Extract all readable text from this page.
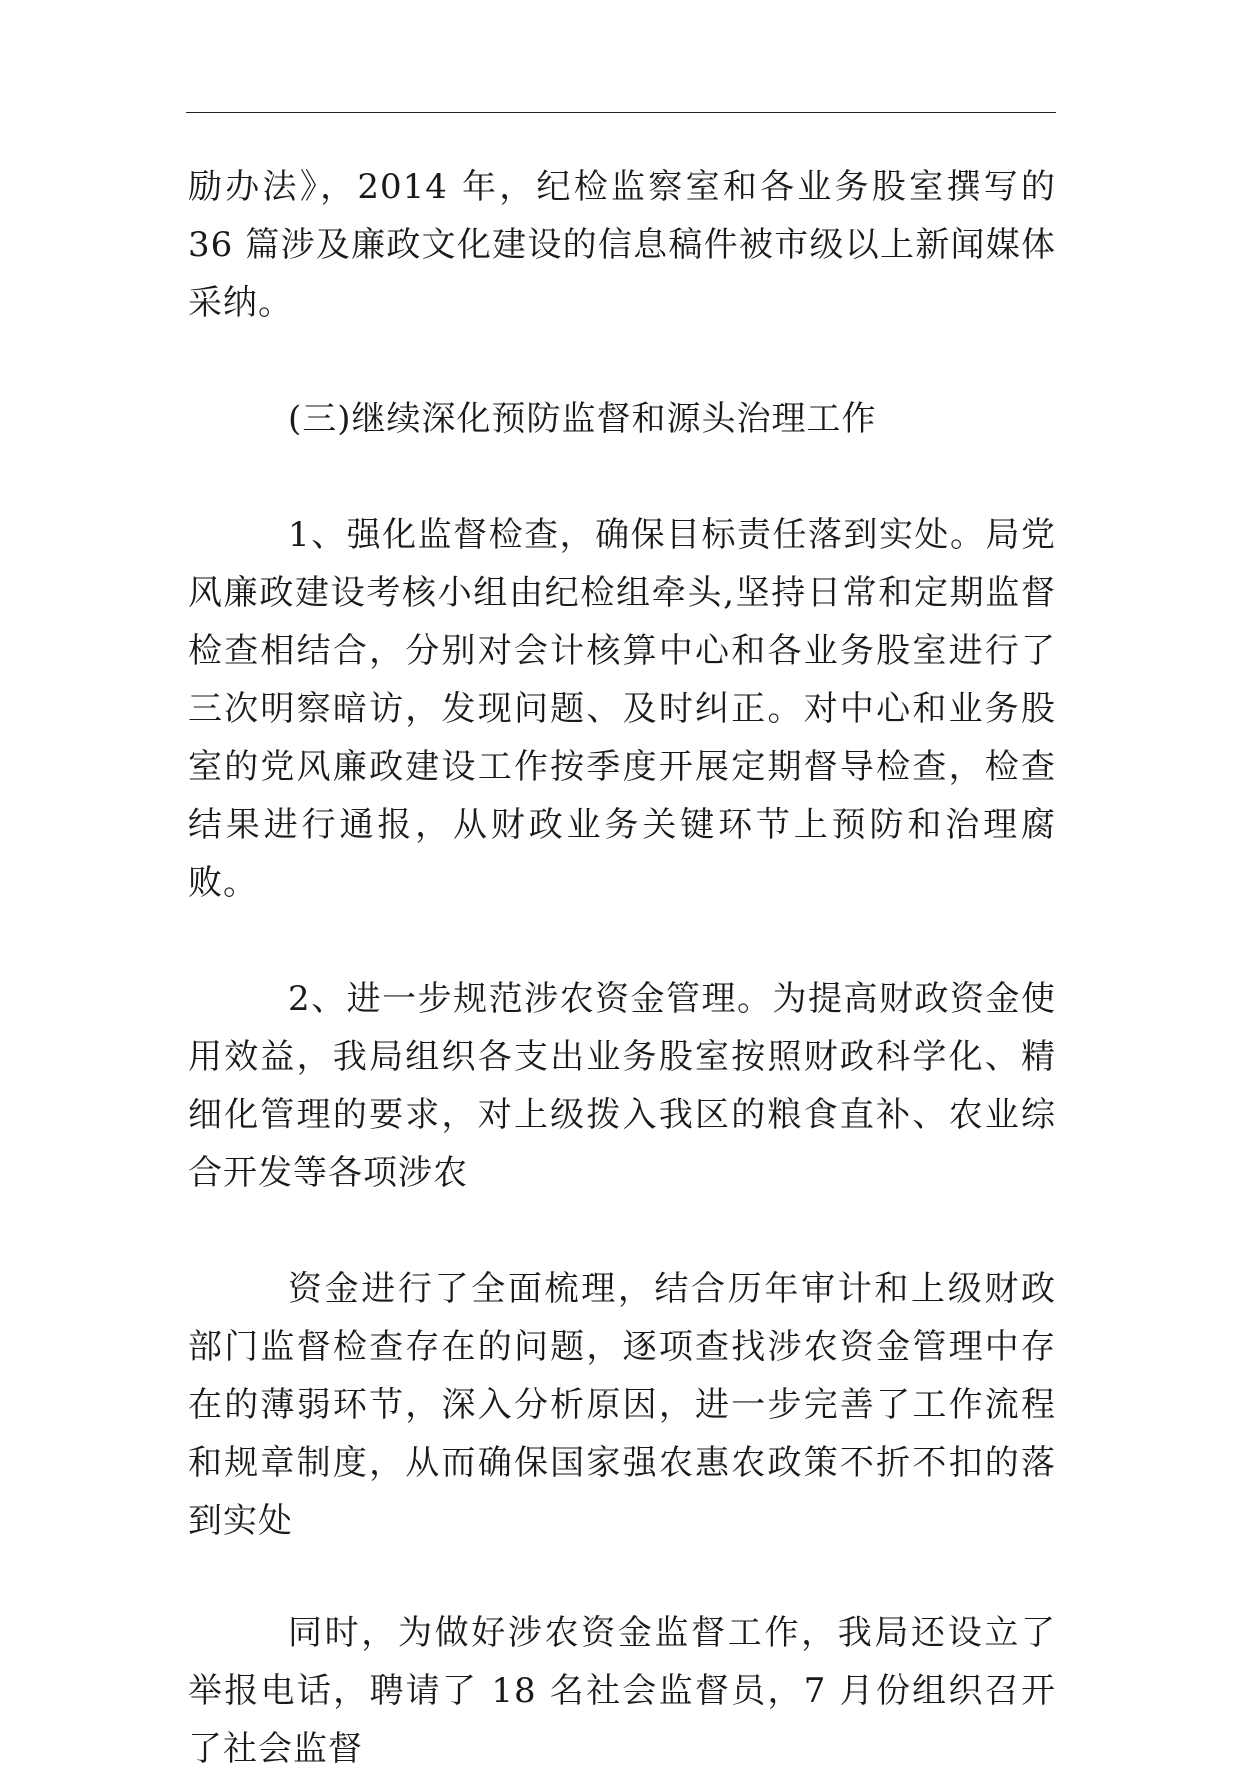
励办法》，2014 年，纪检监察室和各业务股室撰写的 36 篇涉及廉政文化建设的信息稿件被市级以上新闻媒体采纳。

(三)继续深化预防监督和源头治理工作

1、强化监督检查，确保目标责任落到实处。局党风廉政建设考核小组由纪检组牵头,坚持日常和定期监督检查相结合，分别对会计核算中心和各业务股室进行了三次明察暗访，发现问题、及时纠正。对中心和业务股室的党风廉政建设工作按季度开展定期督导检查，检查结果进行通报，从财政业务关键环节上预防和治理腐败。

2、进一步规范涉农资金管理。为提高财政资金使用效益，我局组织各支出业务股室按照财政科学化、精细化管理的要求，对上级拨入我区的粮食直补、农业综合开发等各项涉农

资金进行了全面梳理，结合历年审计和上级财政部门监督检查存在的问题，逐项查找涉农资金管理中存在的薄弱环节，深入分析原因，进一步完善了工作流程和规章制度，从而确保国家强农惠农政策不折不扣的落到实处

同时，为做好涉农资金监督工作，我局还设立了举报电话，聘请了 18 名社会监督员，7 月份组织召开了社会监督
